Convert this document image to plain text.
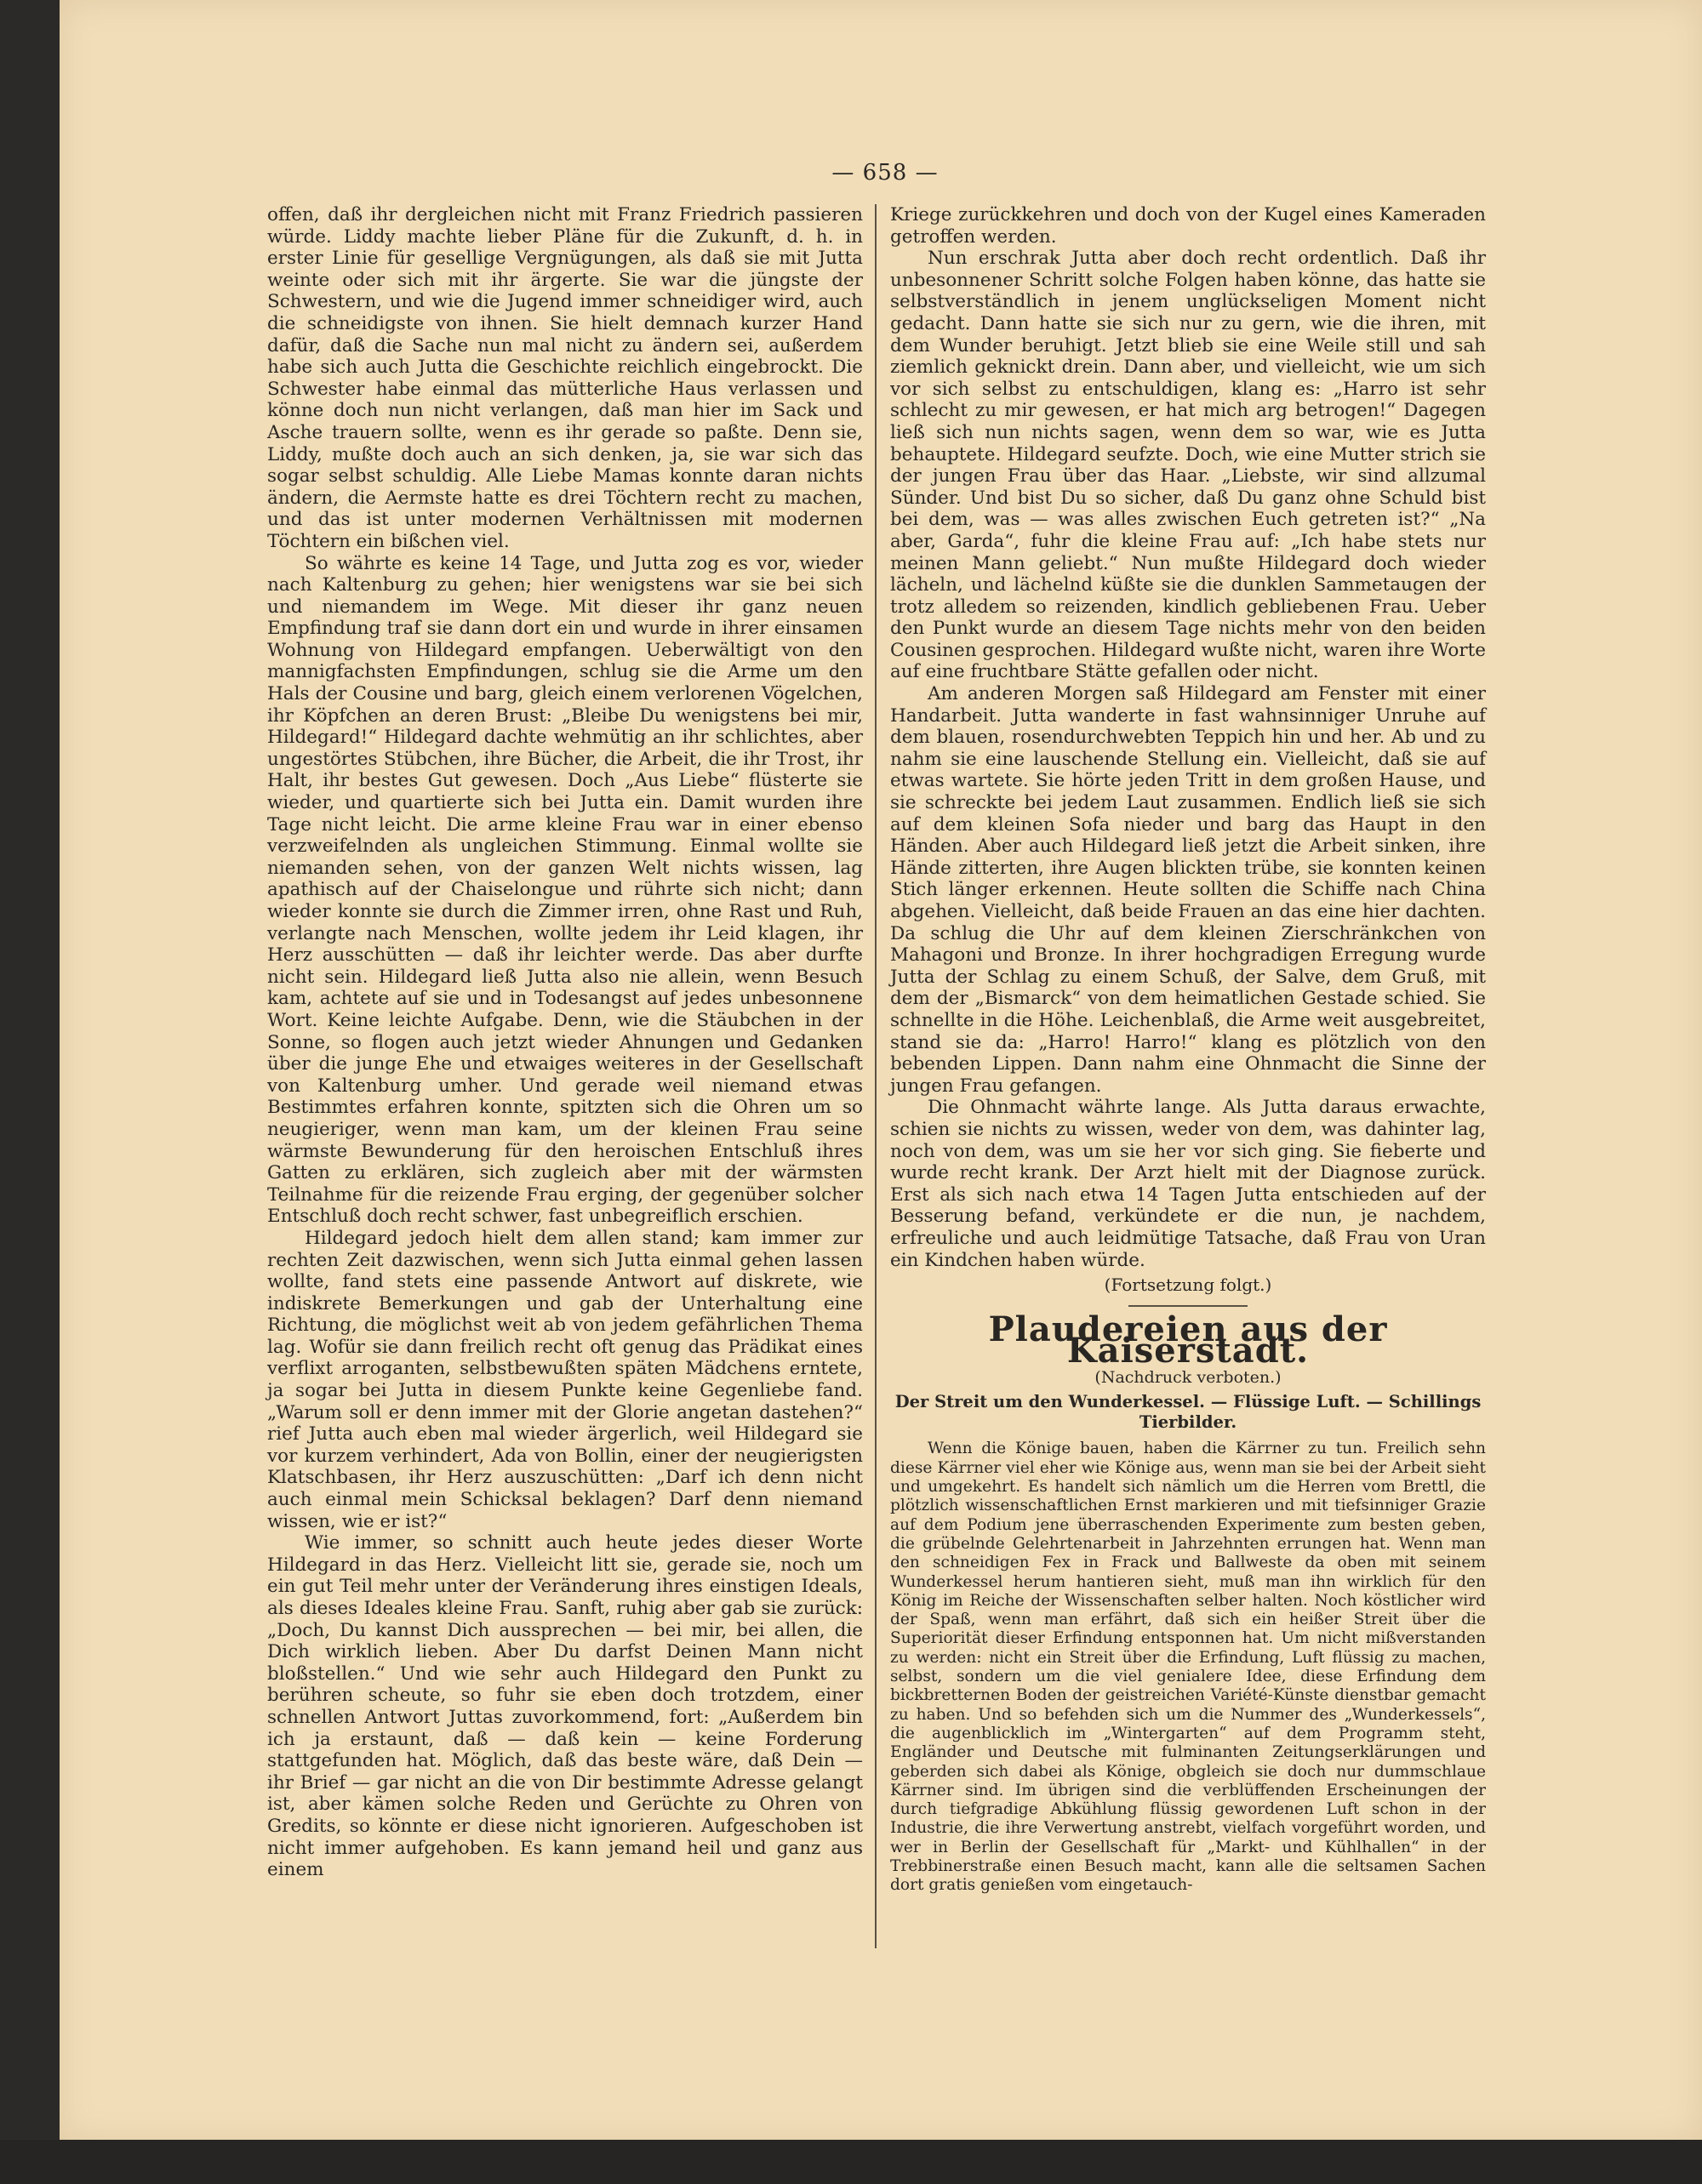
— 658 —

offen, daß ihr dergleichen nicht mit Franz Friedrich passieren würde. Liddy machte lieber Pläne für die Zukunft, d. h. in erster Linie für gesellige Vergnügungen, als daß sie mit Jutta weinte oder sich mit ihr ärgerte. Sie war die jüngste der Schwestern, und wie die Jugend immer schneidiger wird, auch die schneidigste von ihnen. Sie hielt demnach kurzer Hand dafür, daß die Sache nun mal nicht zu ändern sei, außerdem habe sich auch Jutta die Geschichte reichlich eingebrockt. Die Schwester habe einmal das mütterliche Haus verlassen und könne doch nun nicht verlangen, daß man hier im Sack und Asche trauern sollte, wenn es ihr gerade so paßte. Denn sie, Liddy, mußte doch auch an sich denken, ja, sie war sich das sogar selbst schuldig. Alle Liebe Mamas konnte daran nichts ändern, die Aermste hatte es drei Töchtern recht zu machen, und das ist unter modernen Verhältnissen mit modernen Töchtern ein bißchen viel.

So währte es keine 14 Tage, und Jutta zog es vor, wieder nach Kaltenburg zu gehen; hier wenigstens war sie bei sich und niemandem im Wege. Mit dieser ihr ganz neuen Empfindung traf sie dann dort ein und wurde in ihrer einsamen Wohnung von Hildegard empfangen. Ueberwältigt von den mannigfachsten Empfindungen, schlug sie die Arme um den Hals der Cousine und barg, gleich einem verlorenen Vögelchen, ihr Köpfchen an deren Brust: „Bleibe Du wenigstens bei mir, Hildegard!“ Hildegard dachte wehmütig an ihr schlichtes, aber ungestörtes Stübchen, ihre Bücher, die Arbeit, die ihr Trost, ihr Halt, ihr bestes Gut gewesen. Doch „Aus Liebe“ flüsterte sie wieder, und quartierte sich bei Jutta ein. Damit wurden ihre Tage nicht leicht. Die arme kleine Frau war in einer ebenso verzweifelnden als ungleichen Stimmung. Einmal wollte sie niemanden sehen, von der ganzen Welt nichts wissen, lag apathisch auf der Chaiselongue und rührte sich nicht; dann wieder konnte sie durch die Zimmer irren, ohne Rast und Ruh, verlangte nach Menschen, wollte jedem ihr Leid klagen, ihr Herz ausschütten — daß ihr leichter werde. Das aber durfte nicht sein. Hildegard ließ Jutta also nie allein, wenn Besuch kam, achtete auf sie und in Todesangst auf jedes unbesonnene Wort. Keine leichte Aufgabe. Denn, wie die Stäubchen in der Sonne, so flogen auch jetzt wieder Ahnungen und Gedanken über die junge Ehe und etwaiges weiteres in der Gesellschaft von Kaltenburg umher. Und gerade weil niemand etwas Bestimmtes erfahren konnte, spitzten sich die Ohren um so neugieriger, wenn man kam, um der kleinen Frau seine wärmste Bewunderung für den heroischen Entschluß ihres Gatten zu erklären, sich zugleich aber mit der wärmsten Teilnahme für die reizende Frau erging, der gegenüber solcher Entschluß doch recht schwer, fast unbegreiflich erschien.

Hildegard jedoch hielt dem allen stand; kam immer zur rechten Zeit dazwischen, wenn sich Jutta einmal gehen lassen wollte, fand stets eine passende Antwort auf diskrete, wie indiskrete Bemerkungen und gab der Unterhaltung eine Richtung, die möglichst weit ab von jedem gefährlichen Thema lag. Wofür sie dann freilich recht oft genug das Prädikat eines verflixt arroganten, selbstbewußten späten Mädchens erntete, ja sogar bei Jutta in diesem Punkte keine Gegenliebe fand. „Warum soll er denn immer mit der Glorie angetan dastehen?“ rief Jutta auch eben mal wieder ärgerlich, weil Hildegard sie vor kurzem verhindert, Ada von Bollin, einer der neugierigsten Klatschbasen, ihr Herz auszuschütten: „Darf ich denn nicht auch einmal mein Schicksal beklagen? Darf denn niemand wissen, wie er ist?“

Wie immer, so schnitt auch heute jedes dieser Worte Hildegard in das Herz. Vielleicht litt sie, gerade sie, noch um ein gut Teil mehr unter der Veränderung ihres einstigen Ideals, als dieses Ideales kleine Frau. Sanft, ruhig aber gab sie zurück: „Doch, Du kannst Dich aussprechen — bei mir, bei allen, die Dich wirklich lieben. Aber Du darfst Deinen Mann nicht bloßstellen.“ Und wie sehr auch Hildegard den Punkt zu berühren scheute, so fuhr sie eben doch trotzdem, einer schnellen Antwort Juttas zuvorkommend, fort: „Außerdem bin ich ja erstaunt, daß — daß kein — keine Forderung stattgefunden hat. Möglich, daß das beste wäre, daß Dein — ihr Brief — gar nicht an die von Dir bestimmte Adresse gelangt ist, aber kämen solche Reden und Gerüchte zu Ohren von Gredits, so könnte er diese nicht ignorieren. Aufgeschoben ist nicht immer aufgehoben. Es kann jemand heil und ganz aus einem

Kriege zurückkehren und doch von der Kugel eines Kameraden getroffen werden.

Nun erschrak Jutta aber doch recht ordentlich. Daß ihr unbesonnener Schritt solche Folgen haben könne, das hatte sie selbstverständlich in jenem unglückseligen Moment nicht gedacht. Dann hatte sie sich nur zu gern, wie die ihren, mit dem Wunder beruhigt. Jetzt blieb sie eine Weile still und sah ziemlich geknickt drein. Dann aber, und vielleicht, wie um sich vor sich selbst zu entschuldigen, klang es: „Harro ist sehr schlecht zu mir gewesen, er hat mich arg betrogen!“ Dagegen ließ sich nun nichts sagen, wenn dem so war, wie es Jutta behauptete. Hildegard seufzte. Doch, wie eine Mutter strich sie der jungen Frau über das Haar. „Liebste, wir sind allzumal Sünder. Und bist Du so sicher, daß Du ganz ohne Schuld bist bei dem, was — was alles zwischen Euch getreten ist?“ „Na aber, Garda“, fuhr die kleine Frau auf: „Ich habe stets nur meinen Mann geliebt.“ Nun mußte Hildegard doch wieder lächeln, und lächelnd küßte sie die dunklen Sammetaugen der trotz alledem so reizenden, kindlich gebliebenen Frau. Ueber den Punkt wurde an diesem Tage nichts mehr von den beiden Cousinen gesprochen. Hildegard wußte nicht, waren ihre Worte auf eine fruchtbare Stätte gefallen oder nicht.

Am anderen Morgen saß Hildegard am Fenster mit einer Handarbeit. Jutta wanderte in fast wahnsinniger Unruhe auf dem blauen, rosendurchwebten Teppich hin und her. Ab und zu nahm sie eine lauschende Stellung ein. Vielleicht, daß sie auf etwas wartete. Sie hörte jeden Tritt in dem großen Hause, und sie schreckte bei jedem Laut zusammen. Endlich ließ sie sich auf dem kleinen Sofa nieder und barg das Haupt in den Händen. Aber auch Hildegard ließ jetzt die Arbeit sinken, ihre Hände zitterten, ihre Augen blickten trübe, sie konnten keinen Stich länger erkennen. Heute sollten die Schiffe nach China abgehen. Vielleicht, daß beide Frauen an das eine hier dachten. Da schlug die Uhr auf dem kleinen Zierschränkchen von Mahagoni und Bronze. In ihrer hochgradigen Erregung wurde Jutta der Schlag zu einem Schuß, der Salve, dem Gruß, mit dem der „Bismarck“ von dem heimatlichen Gestade schied. Sie schnellte in die Höhe. Leichenblaß, die Arme weit ausgebreitet, stand sie da: „Harro! Harro!“ klang es plötzlich von den bebenden Lippen. Dann nahm eine Ohnmacht die Sinne der jungen Frau gefangen.

Die Ohnmacht währte lange. Als Jutta daraus erwachte, schien sie nichts zu wissen, weder von dem, was dahinter lag, noch von dem, was um sie her vor sich ging. Sie fieberte und wurde recht krank. Der Arzt hielt mit der Diagnose zurück. Erst als sich nach etwa 14 Tagen Jutta entschieden auf der Besserung befand, verkündete er die nun, je nachdem, erfreuliche und auch leidmütige Tatsache, daß Frau von Uran ein Kindchen haben würde.

(Fortsetzung folgt.)

Plaudereien aus der Kaiserstadt.
(Nachdruck verboten.)
Der Streit um den Wunderkessel. — Flüssige Luft. — Schillings Tierbilder.

Wenn die Könige bauen, haben die Kärrner zu tun. Freilich sehn diese Kärrner viel eher wie Könige aus, wenn man sie bei der Arbeit sieht und umgekehrt. Es handelt sich nämlich um die Herren vom Brettl, die plötzlich wissenschaftlichen Ernst markieren und mit tiefsinniger Grazie auf dem Podium jene überraschenden Experimente zum besten geben, die grübelnde Gelehrtenarbeit in Jahrzehnten errungen hat. Wenn man den schneidigen Fex in Frack und Ballweste da oben mit seinem Wunderkessel herum hantieren sieht, muß man ihn wirklich für den König im Reiche der Wissenschaften selber halten. Noch köstlicher wird der Spaß, wenn man erfährt, daß sich ein heißer Streit über die Superiorität dieser Erfindung entsponnen hat. Um nicht mißverstanden zu werden: nicht ein Streit über die Erfindung, Luft flüssig zu machen, selbst, sondern um die viel genialere Idee, diese Erfindung dem bickbretternen Boden der geistreichen Variété-Künste dienstbar gemacht zu haben. Und so befehden sich um die Nummer des „Wunderkessels“, die augenblicklich im „Wintergarten“ auf dem Programm steht, Engländer und Deutsche mit fulminanten Zeitungserklärungen und geberden sich dabei als Könige, obgleich sie doch nur dummschlaue Kärrner sind. Im übrigen sind die verblüffenden Erscheinungen der durch tiefgradige Abkühlung flüssig gewordenen Luft schon in der Industrie, die ihre Verwertung anstrebt, vielfach vorgeführt worden, und wer in Berlin der Gesellschaft für „Markt- und Kühlhallen“ in der Trebbinerstraße einen Besuch macht, kann alle die seltsamen Sachen dort gratis genießen vom eingetauch-
